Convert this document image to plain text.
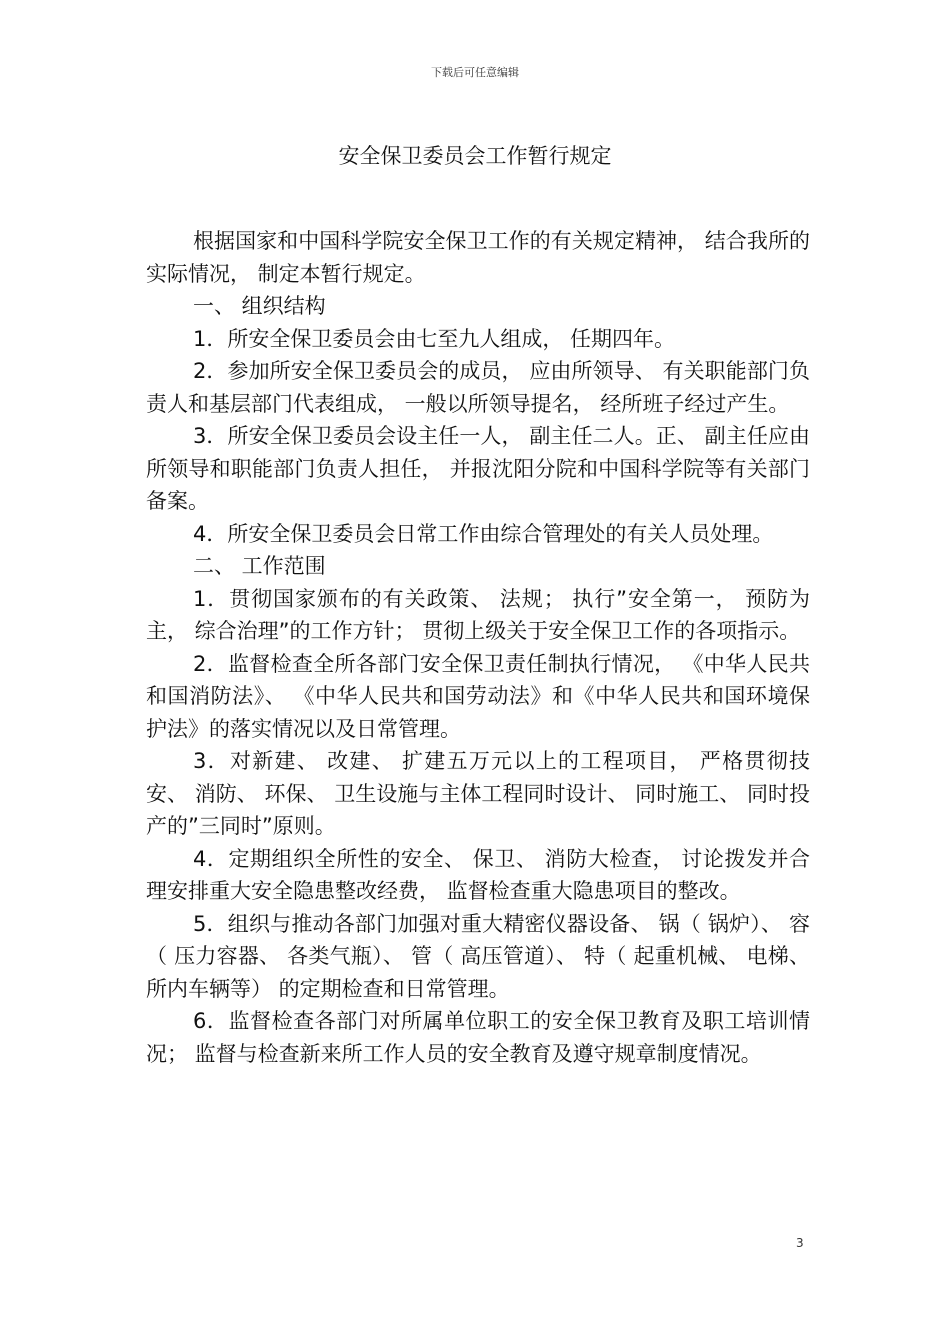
下载后可任意编辑
安全保卫委员会工作暂行规定

根据国家和中国科学院安全保卫工作的有关规定精神， 结合我所的实际情况， 制定本暂行规定。

一、 组织结构

1．所安全保卫委员会由七至九人组成， 任期四年。

2．参加所安全保卫委员会的成员， 应由所领导、 有关职能部门负责人和基层部门代表组成， 一般以所领导提名， 经所班子经过产生。

3．所安全保卫委员会设主任一人， 副主任二人。正、 副主任应由所领导和职能部门负责人担任， 并报沈阳分院和中国科学院等有关部门备案。

4．所安全保卫委员会日常工作由综合管理处的有关人员处理。

二、 工作范围

1．贯彻国家颁布的有关政策、 法规； 执行”安全第一， 预防为主， 综合治理”的工作方针； 贯彻上级关于安全保卫工作的各项指示。

2．监督检查全所各部门安全保卫责任制执行情况， 《中华人民共和国消防法》、 《中华人民共和国劳动法》和《中华人民共和国环境保护法》的落实情况以及日常管理。

3．对新建、 改建、 扩建五万元以上的工程项目， 严格贯彻技安、 消防、 环保、 卫生设施与主体工程同时设计、 同时施工、 同时投产的”三同时”原则。

4．定期组织全所性的安全、 保卫、 消防大检查， 讨论拨发并合理安排重大安全隐患整改经费， 监督检查重大隐患项目的整改。

5．组织与推动各部门加强对重大精密仪器设备、 锅（ 锅炉）、 容（ 压力容器、 各类气瓶）、 管（ 高压管道）、 特（ 起重机械、 电梯、 所内车辆等） 的定期检查和日常管理。

6．监督检查各部门对所属单位职工的安全保卫教育及职工培训情况； 监督与检查新来所工作人员的安全教育及遵守规章制度情况。

3
